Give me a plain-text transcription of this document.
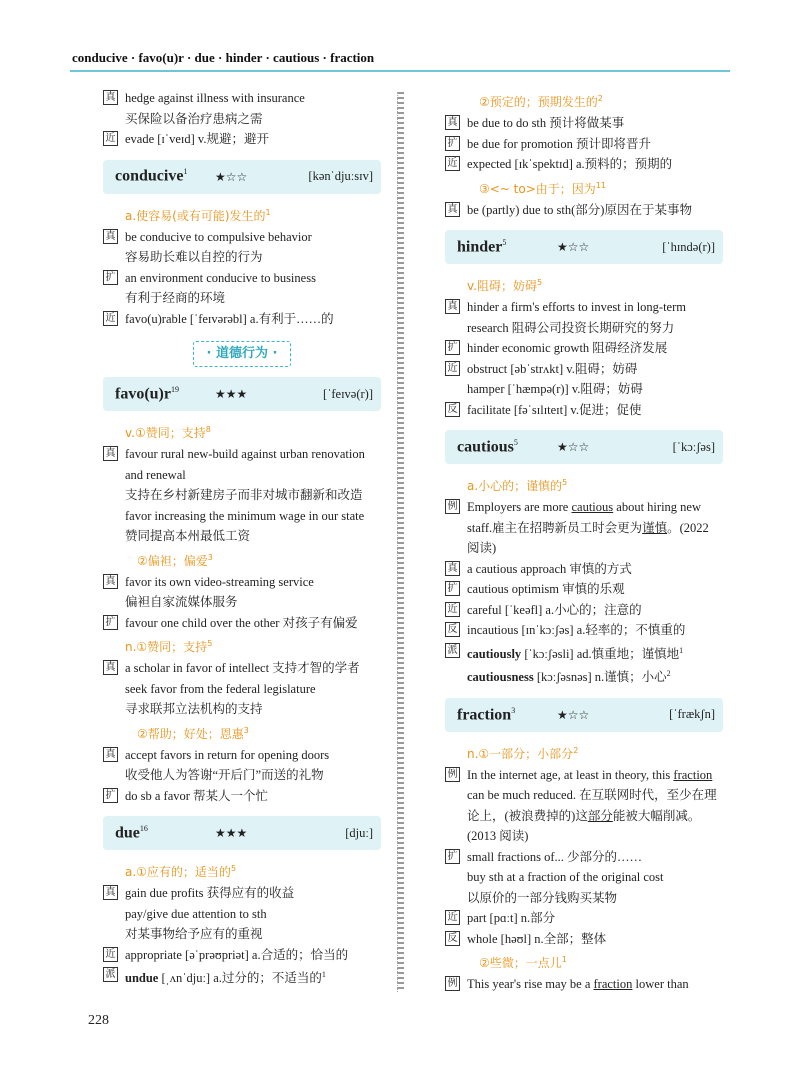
conducive · favo(u)r · due · hinder · cautious · fraction
真 hedge against illness with insurance
买保险以备治疗患病之需
近 evade [ɪˈveɪd] v.规避；避开
conducive$^1$	★☆☆	[kənˈdjuːsɪv]
a.使容易(或有可能)发生的$^1$
真 be conducive to compulsive behavior
容易助长难以自控的行为
扩 an environment conducive to business
有利于经商的环境
近 favo(u)rable [ˈfeɪvərəbl] a.有利于……的
· 道德行为 ·
$favo(u)r^{19}$	★★★	[ˈfeɪvə(r)]
v.①赞同；支持$^8$
真 favour rural new-build against urban renovation and renewal
支持在乡村新建房子而非对城市翻新和改造
favor increasing the minimum wage in our state
赞同提高本州最低工资
②偏袒；偏爱$^3$
真 favor its own video-streaming service
偏袒自家流媒体服务
扩 favour one child over the other 对孩子有偏爱
n.①赞同；支持$^5$
真 a scholar in favor of intellect 支持才智的学者
seek favor from the federal legislature
寻求联邦立法机构的支持
②帮助；好处；恩惠$^3$
真 accept favors in return for opening doors
收受他人为答谢“开后门”而送的礼物
扩 do sb a favor 帮某人一个忙
due$^{16}$	★★★	[djuː]
a.①应有的；适当的$^5$
真 gain due profits 获得应有的收益
pay/give due attention to sth
对某事物给予应有的重视
近 appropriate [əˈprəʊpriət] a.合适的；恰当的
派 undue [ˌʌnˈdjuː] a.过分的；不适当的$^1$
②预定的；预期发生的$^2$
真 be due to do sth 预计将做某事
扩 be due for promotion 预计即将晋升
近 expected [ɪkˈspektɪd] a.预料的；预期的
③<~ to>由于；因为$^{11}$
真 be (partly) due to sth(部分)原因在于某事物
hinder$^5$	★☆☆	[ˈhɪndə(r)]
v.阻碍；妨碍$^5$
真 hinder a firm's efforts to invest in long-term research 阻碍公司投资长期研究的努力
扩 hinder economic growth 阻碍经济发展
近 obstruct [əbˈstrʌkt] v.阻碍；妨碍
hamper [ˈhæmpə(r)] v.阻碍；妨碍
反 facilitate [fəˈsɪlɪteɪt] v.促进；促使
cautious$^5$	★☆☆	[ˈkɔːʃəs]
a.小心的；谨慎的$^5$
例 Employers are more cautious about hiring new staff.雇主在招聘新员工时会更为谨慎。(2022 阅读)
真 a cautious approach 审慎的方式
扩 cautious optimism 审慎的乐观
近 careful [ˈkeəfl] a.小心的；注意的
反 incautious [ɪnˈkɔːʃəs] a.轻率的；不慎重的
派 cautiously [ˈkɔːʃəsli] ad.慎重地；谨慎地$^1$
cautiousness [kɔːʃəsnəs] n.谨慎；小心$^2$
fraction$^3$	★☆☆	[ˈfrækʃn]
n.①一部分；小部分$^2$
例 In the internet age, at least in theory, this fraction can be much reduced. 在互联网时代，至少在理论上，(被浪费掉的)这部分能被大幅削减。(2013 阅读)
扩 small fractions of... 少部分的……
buy sth at a fraction of the original cost
以原价的一部分钱购买某物
近 part [pɑːt] n.部分
反 whole [həʊl] n.全部；整体
②些微；一点儿$^1$
例 This year's rise may be a fraction lower than
228
